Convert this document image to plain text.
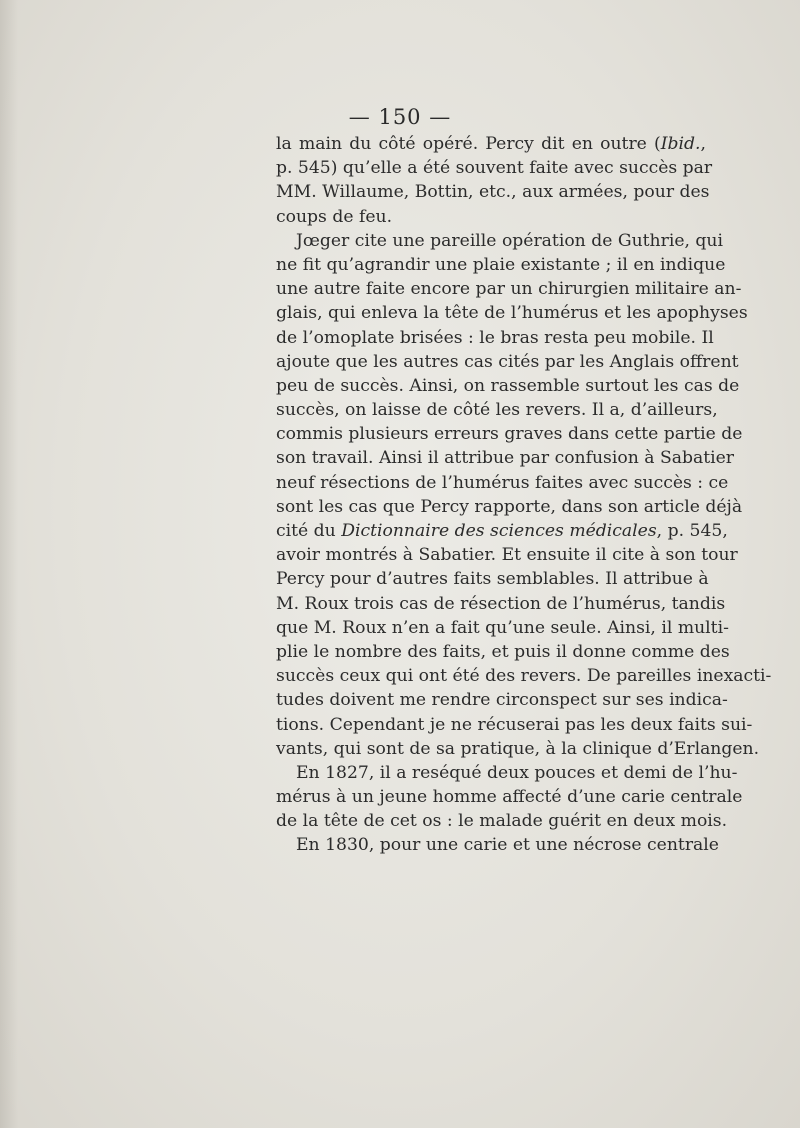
— 150 —

la main du côté opéré. Percy dit en outre (Ibid.,
p. 545) qu’elle a été souvent faite avec succès par
MM. Willaume, Bottin, etc., aux armées, pour des
coups de feu.
Jœger cite une pareille opération de Guthrie, qui
ne fit qu’agrandir une plaie existante ; il en indique
une autre faite encore par un chirurgien militaire an-
glais, qui enleva la tête de l’humérus et les apophyses
de l’omoplate brisées : le bras resta peu mobile. Il
ajoute que les autres cas cités par les Anglais offrent
peu de succès. Ainsi, on rassemble surtout les cas de
succès, on laisse de côté les revers. Il a, d’ailleurs,
commis plusieurs erreurs graves dans cette partie de
son travail. Ainsi il attribue par confusion à Sabatier
neuf résections de l’humérus faites avec succès : ce
sont les cas que Percy rapporte, dans son article déjà
cité du Dictionnaire des sciences médicales, p. 545,
avoir montrés à Sabatier. Et ensuite il cite à son tour
Percy pour d’autres faits semblables. Il attribue à
M. Roux trois cas de résection de l’humérus, tandis
que M. Roux n’en a fait qu’une seule. Ainsi, il multi-
plie le nombre des faits, et puis il donne comme des
succès ceux qui ont été des revers. De pareilles inexacti-
tudes doivent me rendre circonspect sur ses indica-
tions. Cependant je ne récuserai pas les deux faits sui-
vants, qui sont de sa pratique, à la clinique d’Erlangen.
En 1827, il a reséqué deux pouces et demi de l’hu-
mérus à un jeune homme affecté d’une carie centrale
de la tête de cet os : le malade guérit en deux mois.
En 1830, pour une carie et une nécrose centrale
